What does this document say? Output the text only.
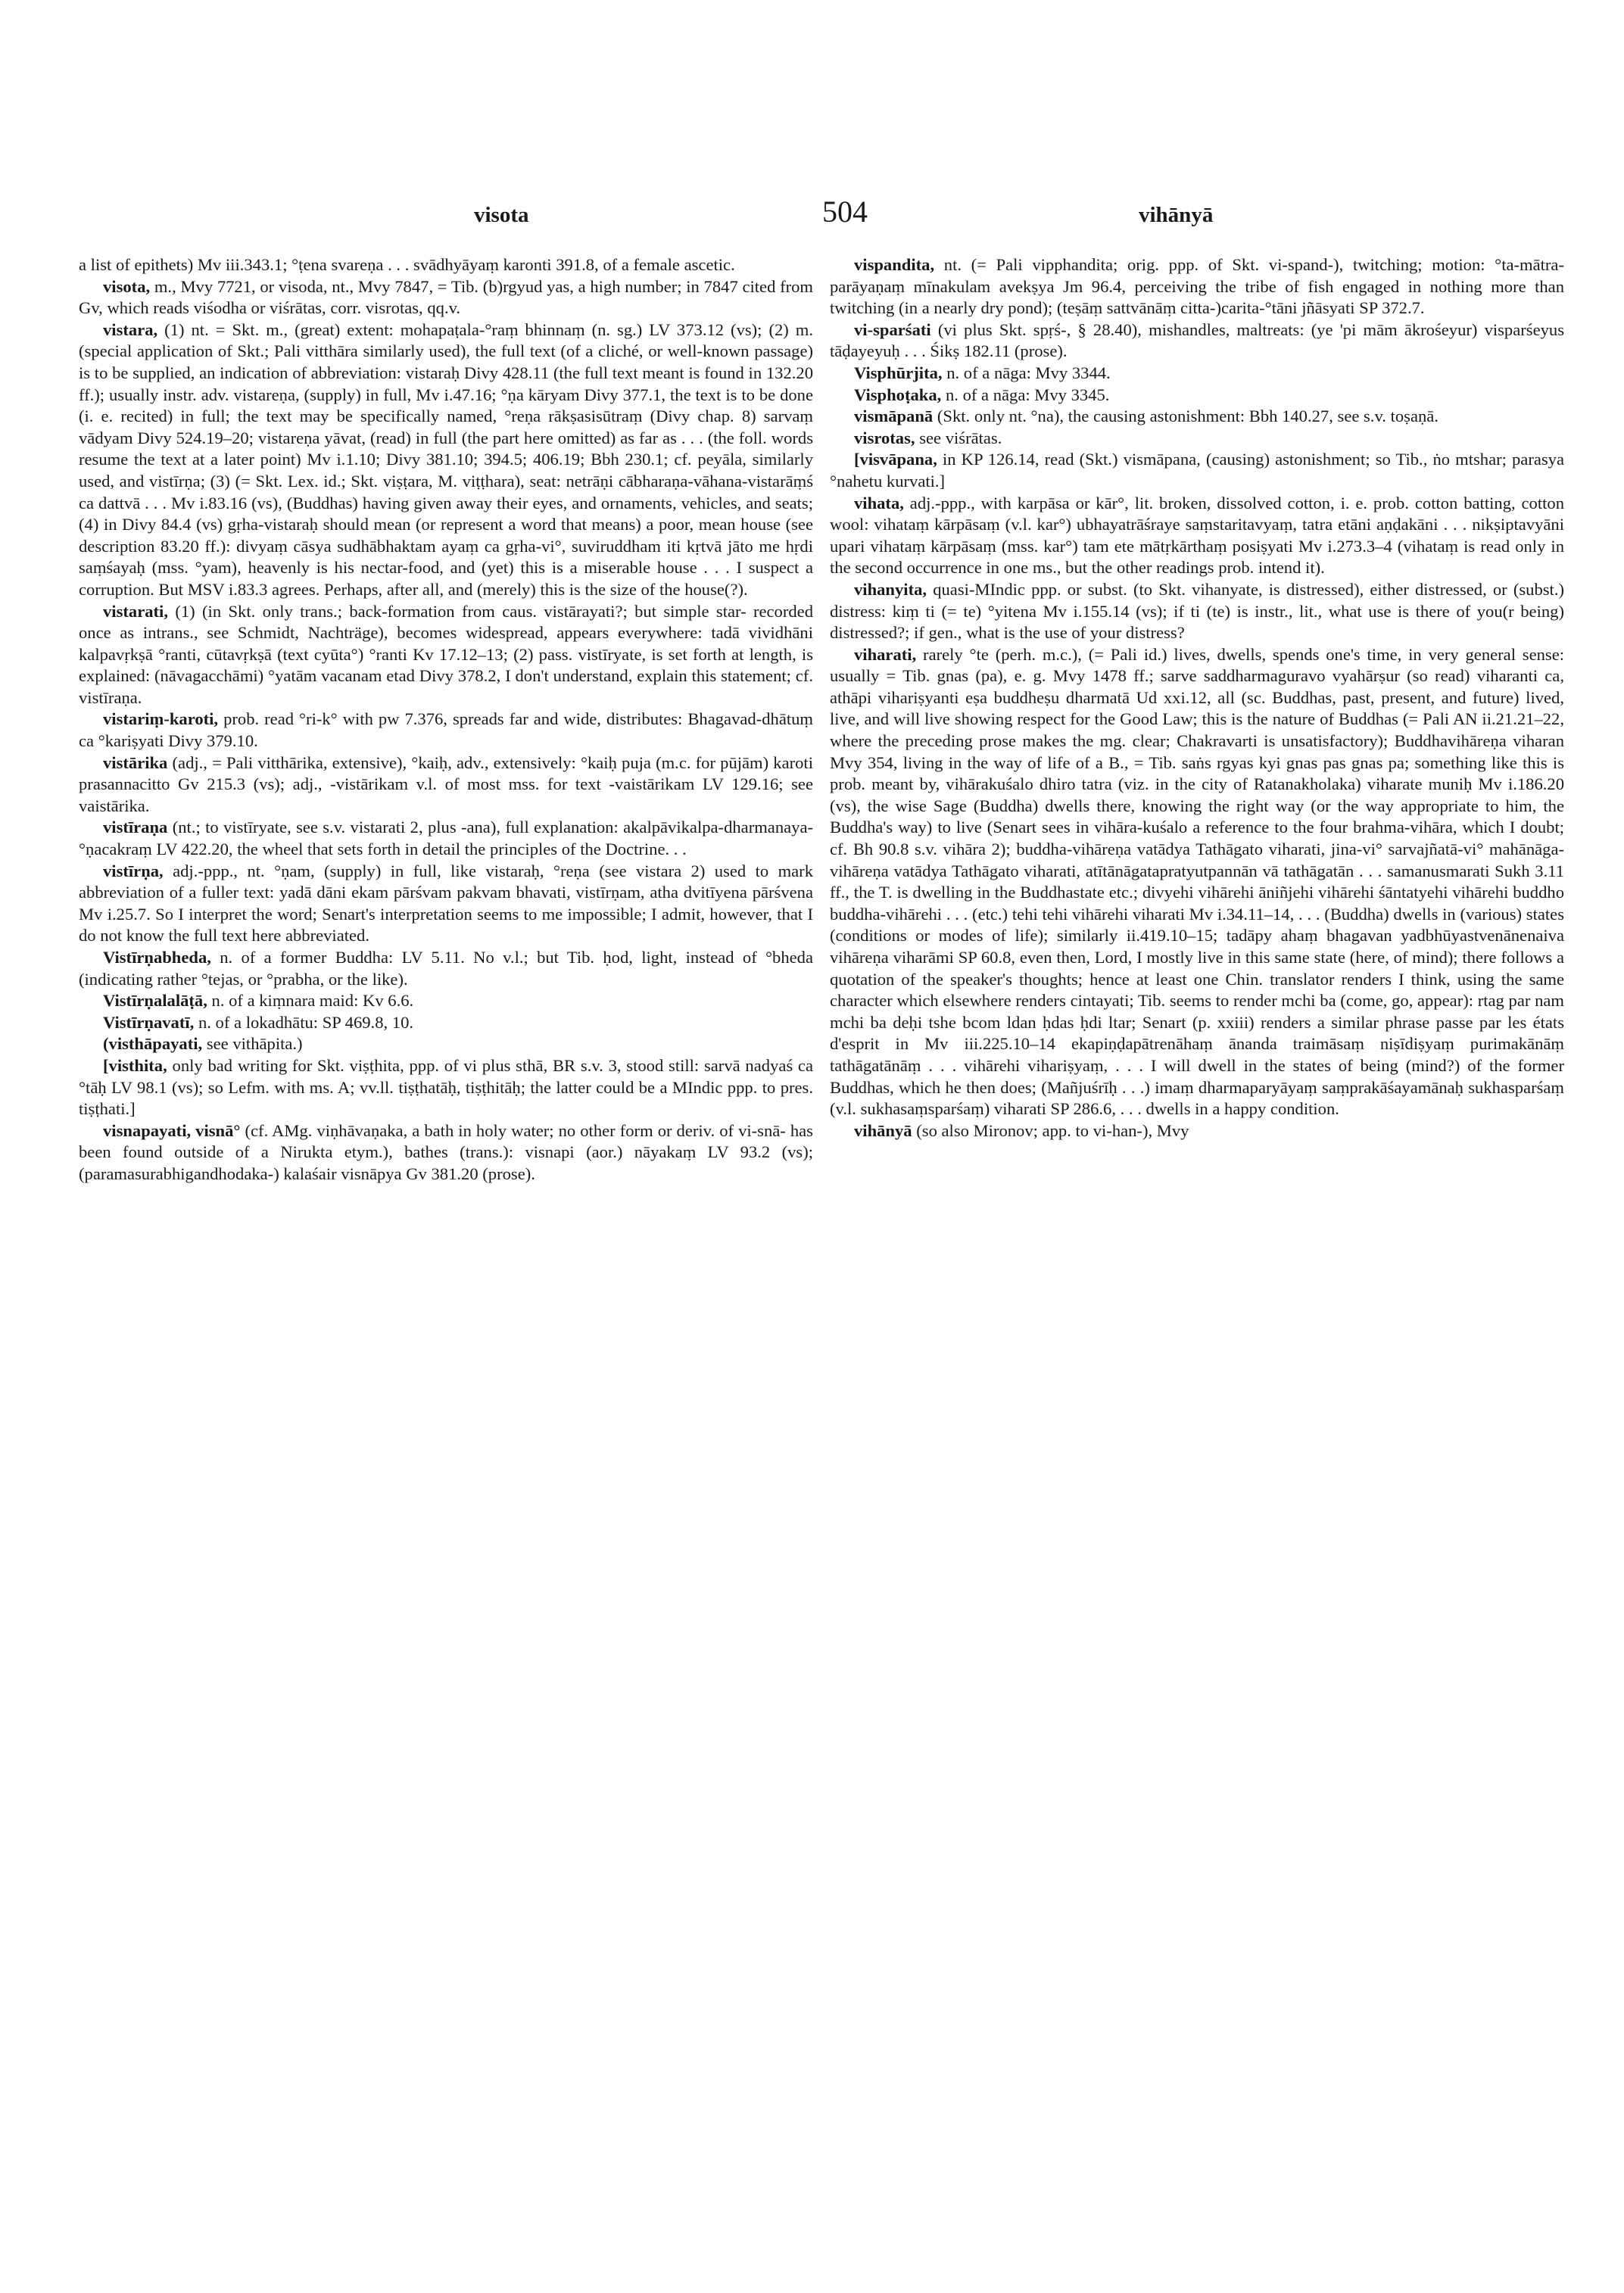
visota	504	vihānyā

a list of epithets) Mv iii.343.1; °ṭena svareṇa . . . svādhyāyaṃ karonti 391.8, of a female ascetic.

visota, m., Mvy 7721, or visoda, nt., Mvy 7847, = Tib. (b)rgyud yas, a high number; in 7847 cited from Gv, which reads viśodha or viśrātas, corr. visrotas, qq.v.

vistara, (1) nt. = Skt. m., (great) extent: mohapaṭala-°raṃ bhinnaṃ (n. sg.) LV 373.12 (vs); (2) m. (special application of Skt.; Pali vitthāra similarly used), the full text (of a cliché, or well-known passage) is to be supplied, an indication of abbreviation: vistaraḥ Divy 428.11 (the full text meant is found in 132.20 ff.); usually instr. adv. vistareṇa, (supply) in full, Mv i.47.16; °ṇa kāryam Divy 377.1, the text is to be done (i. e. recited) in full; the text may be specifically named, °reṇa rākṣasisūtraṃ (Divy chap. 8) sarvaṃ vādyam Divy 524.19–20; vistareṇa yāvat, (read) in full (the part here omitted) as far as . . . (the foll. words resume the text at a later point) Mv i.1.10; Divy 381.10; 394.5; 406.19; Bbh 230.1; cf. peyāla, similarly used, and vistīrṇa; (3) (= Skt. Lex. id.; Skt. viṣṭara, M. viṭṭhara), seat: netrāṇi cābharaṇa-vāhana-vistarāṃś ca dattvā . . . Mv i.83.16 (vs), (Buddhas) having given away their eyes, and ornaments, vehicles, and seats; (4) in Divy 84.4 (vs) gṛha-vistaraḥ should mean (or represent a word that means) a poor, mean house (see description 83.20 ff.): divyaṃ cāsya sudhābhaktam ayaṃ ca gṛha-vi°, suviruddham iti kṛtvā jāto me hṛdi saṃśayaḥ (mss. °yam), heavenly is his nectar-food, and (yet) this is a miserable house . . . I suspect a corruption. But MSV i.83.3 agrees. Perhaps, after all, and (merely) this is the size of the house(?).

vistarati, (1) (in Skt. only trans.; back-formation from caus. vistārayati?; but simple star- recorded once as intrans., see Schmidt, Nachträge), becomes widespread, appears everywhere: tadā vividhāni kalpavṛkṣā °ranti, cūtavṛkṣā (text cyūta°) °ranti Kv 17.12–13; (2) pass. vistīryate, is set forth at length, is explained: (nāvagacchāmi) °yatām vacanam etad Divy 378.2, I don't understand, explain this statement; cf. vistīraṇa.

vistariṃ-karoti, prob. read °ri-k° with pw 7.376, spreads far and wide, distributes: Bhagavad-dhātuṃ ca °kariṣyati Divy 379.10.

vistārika (adj., = Pali vitthārika, extensive), °kaiḥ, adv., extensively: °kaiḥ puja (m.c. for pūjām) karoti prasannacitto Gv 215.3 (vs); adj., -vistārikam v.l. of most mss. for text -vaistārikam LV 129.16; see vaistārika.

vistīraṇa (nt.; to vistīryate, see s.v. vistarati 2, plus -ana), full explanation: akalpāvikalpa-dharmanaya-°ṇacakraṃ LV 422.20, the wheel that sets forth in detail the principles of the Doctrine. . .

vistīrṇa, adj.-ppp., nt. °ṇam, (supply) in full, like vistaraḥ, °reṇa (see vistara 2) used to mark abbreviation of a fuller text: yadā dāni ekam pārśvam pakvam bhavati, vistīrṇam, atha dvitīyena pārśvena Mv i.25.7. So I interpret the word; Senart's interpretation seems to me impossible; I admit, however, that I do not know the full text here abbreviated.

Vistīrṇabheda, n. of a former Buddha: LV 5.11. No v.l.; but Tib. ḥod, light, instead of °bheda (indicating rather °tejas, or °prabha, or the like).

Vistīrṇalalāṭā, n. of a kiṃnara maid: Kv 6.6.

Vistīrṇavatī, n. of a lokadhātu: SP 469.8, 10.

(visthāpayati, see vithāpita.)

[visthita, only bad writing for Skt. viṣṭhita, ppp. of vi plus sthā, BR s.v. 3, stood still: sarvā nadyaś ca °tāḥ LV 98.1 (vs); so Lefm. with ms. A; vv.ll. tiṣṭhatāḥ, tiṣṭhitāḥ; the latter could be a MIndic ppp. to pres. tiṣṭhati.]

visnapayati, visnā° (cf. AMg. viṇhāvaṇaka, a bath in holy water; no other form or deriv. of vi-snā- has been found outside of a Nirukta etym.), bathes (trans.): visnapi (aor.) nāyakaṃ LV 93.2 (vs); (paramasurabhigandhodaka-) kalaśair visnāpya Gv 381.20 (prose).

vispandita, nt. (= Pali vipphandita; orig. ppp. of Skt. vi-spand-), twitching; motion: °ta-mātra-parāyaṇaṃ mīnakulam avekṣya Jm 96.4, perceiving the tribe of fish engaged in nothing more than twitching (in a nearly dry pond); (teṣāṃ sattvānāṃ citta-)carita-°tāni jñāsyati SP 372.7.

vi-sparśati (vi plus Skt. spṛś-, § 28.40), mishandles, maltreats: (ye 'pi mām ākrośeyur) visparśeyus tāḍayeyuḥ . . . Śikṣ 182.11 (prose).

Visphūrjita, n. of a nāga: Mvy 3344.

Visphoṭaka, n. of a nāga: Mvy 3345.

vismāpanā (Skt. only nt. °na), the causing astonishment: Bbh 140.27, see s.v. toṣaṇā.

visrotas, see viśrātas.

[visvāpana, in KP 126.14, read (Skt.) vismāpana, (causing) astonishment; so Tib., ṅo mtshar; parasya °nahetu kurvati.]

vihata, adj.-ppp., with karpāsa or kār°, lit. broken, dissolved cotton, i. e. prob. cotton batting, cotton wool: vihataṃ kārpāsaṃ (v.l. kar°) ubhayatrāśraye saṃstaritavyaṃ, tatra etāni aṇḍakāni . . . nikṣiptavyāni upari vihataṃ kārpāsaṃ (mss. kar°) tam ete mātṛkārthaṃ posiṣyati Mv i.273.3–4 (vihataṃ is read only in the second occurrence in one ms., but the other readings prob. intend it).

vihanyita, quasi-MIndic ppp. or subst. (to Skt. vihanyate, is distressed), either distressed, or (subst.) distress: kiṃ ti (= te) °yitena Mv i.155.14 (vs); if ti (te) is instr., lit., what use is there of you(r being) distressed?; if gen., what is the use of your distress?

viharati, rarely °te (perh. m.c.), (= Pali id.) lives, dwells, spends one's time, in very general sense: usually = Tib. gnas (pa), e. g. Mvy 1478 ff.; sarve saddharmaguravo vyahārṣur (so read) viharanti ca, athāpi vihariṣyanti eṣa buddheṣu dharmatā Ud xxi.12, all (sc. Buddhas, past, present, and future) lived, live, and will live showing respect for the Good Law; this is the nature of Buddhas (= Pali AN ii.21.21–22, where the preceding prose makes the mg. clear; Chakravarti is unsatisfactory); Buddhavihāreṇa viharan Mvy 354, living in the way of life of a B., = Tib. saṅs rgyas kyi gnas pas gnas pa; something like this is prob. meant by, vihārakuśalo dhiro tatra (viz. in the city of Ratanakholaka) viharate muniḥ Mv i.186.20 (vs), the wise Sage (Buddha) dwells there, knowing the right way (or the way appropriate to him, the Buddha's way) to live (Senart sees in vihāra-kuśalo a reference to the four brahma-vihāra, which I doubt; cf. Bh 90.8 s.v. vihāra 2); buddha-vihāreṇa vatādya Tathāgato viharati, jina-vi° sarvajñatā-vi° mahānāga-vihāreṇa vatādya Tathāgato viharati, atītānāgatapratyutpannān vā tathāgatān . . . samanusmarati Sukh 3.11 ff., the T. is dwelling in the Buddhastate etc.; divyehi vihārehi āniñjehi vihārehi śāntatyehi vihārehi buddho buddha-vihārehi . . . (etc.) tehi tehi vihārehi viharati Mv i.34.11–14, . . . (Buddha) dwells in (various) states (conditions or modes of life); similarly ii.419.10–15; tadāpy ahaṃ bhagavan yadbhūyastvenānenaiva vihāreṇa viharāmi SP 60.8, even then, Lord, I mostly live in this same state (here, of mind); there follows a quotation of the speaker's thoughts; hence at least one Chin. translator renders I think, using the same character which elsewhere renders cintayati; Tib. seems to render mchi ba (come, go, appear): rtag par nam mchi ba deḥi tshe bcom ldan ḥdas ḥdi ltar; Senart (p. xxiii) renders a similar phrase passe par les états d'esprit in Mv iii.225.10–14 ekapiṇḍapātrenāhaṃ ānanda traimāsaṃ niṣīdiṣyaṃ purimakānāṃ tathāgatānāṃ . . . vihārehi vihariṣyaṃ, . . . I will dwell in the states of being (mind?) of the former Buddhas, which he then does; (Mañjuśrīḥ . . .) imaṃ dharmaparyāyaṃ saṃprakāśayamānaḥ sukhasparśaṃ (v.l. sukhasaṃsparśaṃ) viharati SP 286.6, . . . dwells in a happy condition.

vihānyā (so also Mironov; app. to vi-han-), Mvy
